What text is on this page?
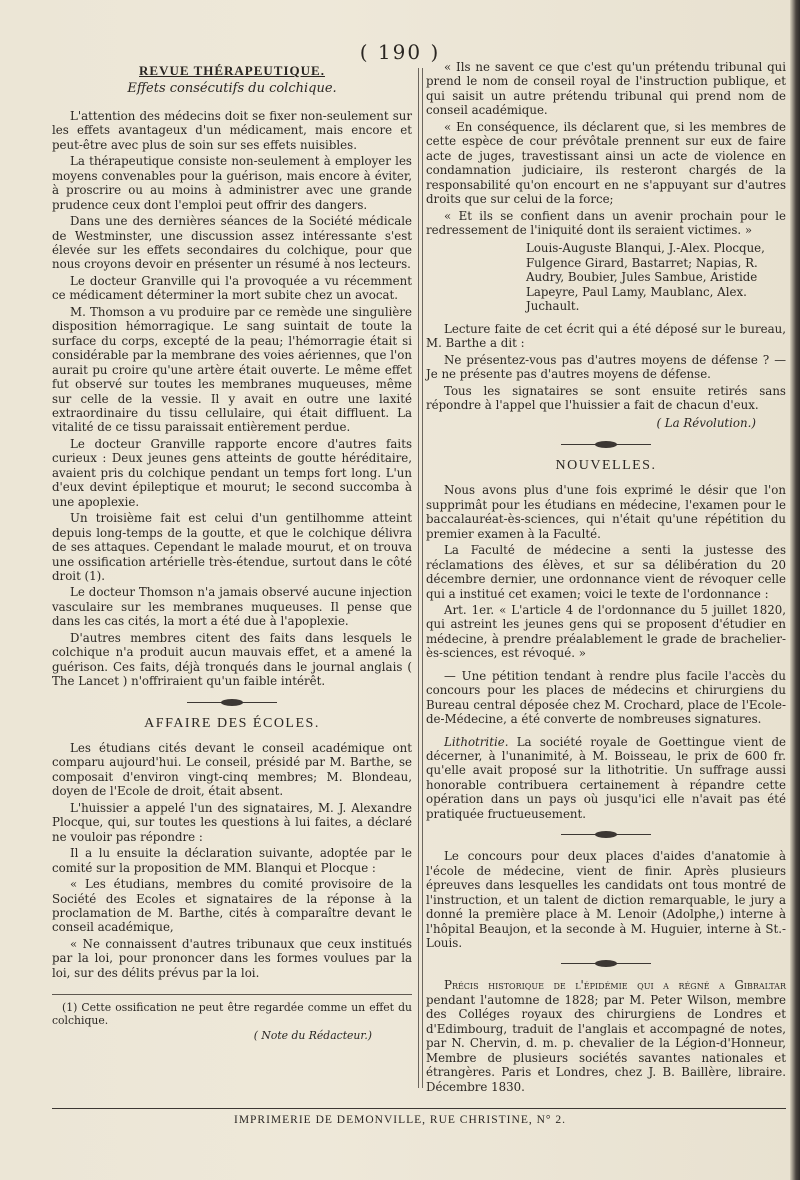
( 190 )

REVUE THÉRAPEUTIQUE.

Effets consécutifs du colchique.

L'attention des médecins doit se fixer non-seulement sur les effets avantageux d'un médicament, mais encore et peut-être avec plus de soin sur ses effets nuisibles.

La thérapeutique consiste non-seulement à employer les moyens convenables pour la guérison, mais encore à éviter, à proscrire ou au moins à administrer avec une grande prudence ceux dont l'emploi peut offrir des dangers.

Dans une des dernières séances de la Société médicale de Westminster, une discussion assez intéressante s'est élevée sur les effets secondaires du colchique, pour que nous croyons devoir en présenter un résumé à nos lecteurs.

Le docteur Granville qui l'a provoquée a vu récemment ce médicament déterminer la mort subite chez un avocat.

M. Thomson a vu produire par ce remède une singulière disposition hémorragique. Le sang suintait de toute la surface du corps, excepté de la peau; l'hémorragie était si considérable par la membrane des voies aériennes, que l'on aurait pu croire qu'une artère était ouverte. Le même effet fut observé sur toutes les membranes muqueuses, même sur celle de la vessie. Il y avait en outre une laxité extraordinaire du tissu cellulaire, qui était diffluent. La vitalité de ce tissu paraissait entièrement perdue.

Le docteur Granville rapporte encore d'autres faits curieux : Deux jeunes gens atteints de goutte héréditaire, avaient pris du colchique pendant un temps fort long. L'un d'eux devint épileptique et mourut; le second succomba à une apoplexie.

Un troisième fait est celui d'un gentilhomme atteint depuis long-temps de la goutte, et que le colchique délivra de ses attaques. Cependant le malade mourut, et on trouva une ossification artérielle très-étendue, surtout dans le côté droit (1).

Le docteur Thomson n'a jamais observé aucune injection vasculaire sur les membranes muqueuses. Il pense que dans les cas cités, la mort a été due à l'apoplexie.

D'autres membres citent des faits dans lesquels le colchique n'a produit aucun mauvais effet, et a amené la guérison. Ces faits, déjà tronqués dans le journal anglais ( The Lancet ) n'offriraient qu'un faible intérêt.

AFFAIRE DES ÉCOLES.

Les étudians cités devant le conseil académique ont comparu aujourd'hui. Le conseil, présidé par M. Barthe, se composait d'environ vingt-cinq membres; M. Blondeau, doyen de l'Ecole de droit, était absent.

L'huissier a appelé l'un des signataires, M. J. Alexandre Plocque, qui, sur toutes les questions à lui faites, a déclaré ne vouloir pas répondre :

Il a lu ensuite la déclaration suivante, adoptée par le comité sur la proposition de MM. Blanqui et Plocque :

« Les étudians, membres du comité provisoire de la Société des Ecoles et signataires de la réponse à la proclamation de M. Barthe, cités à comparaître devant le conseil académique,

« Ne connaissent d'autres tribunaux que ceux institués par la loi, pour prononcer dans les formes voulues par la loi, sur des délits prévus par la loi.

(1) Cette ossification ne peut être regardée comme un effet du colchique.

( Note du Rédacteur.)

« Ils ne savent ce que c'est qu'un prétendu tribunal qui prend le nom de conseil royal de l'instruction publique, et qui saisit un autre prétendu tribunal qui prend nom de conseil académique.

« En conséquence, ils déclarent que, si les membres de cette espèce de cour prévôtale prennent sur eux de faire acte de juges, travestissant ainsi un acte de violence en condamnation judiciaire, ils resteront chargés de la responsabilité qu'on encourt en ne s'appuyant sur d'autres droits que sur celui de la force;

« Et ils se confient dans un avenir prochain pour le redressement de l'iniquité dont ils seraient victimes. »

Louis-Auguste Blanqui, J.-Alex. Plocque, Fulgence Girard, Bastarret; Napias, R. Audry, Boubier, Jules Sambue, Aristide Lapeyre, Paul Lamy, Maublanc, Alex. Juchault.

Lecture faite de cet écrit qui a été déposé sur le bureau, M. Barthe a dit :

Ne présentez-vous pas d'autres moyens de défense ? — Je ne présente pas d'autres moyens de défense.

Tous les signataires se sont ensuite retirés sans répondre à l'appel que l'huissier a fait de chacun d'eux.

( La Révolution.)

NOUVELLES.

Nous avons plus d'une fois exprimé le désir que l'on supprimât pour les étudians en médecine, l'examen pour le baccalauréat-ès-sciences, qui n'était qu'une répétition du premier examen à la Faculté.

La Faculté de médecine a senti la justesse des réclamations des élèves, et sur sa délibération du 20 décembre dernier, une ordonnance vient de révoquer celle qui a institué cet examen; voici le texte de l'ordonnance :

Art. 1er. « L'article 4 de l'ordonnance du 5 juillet 1820, qui astreint les jeunes gens qui se proposent d'étudier en médecine, à prendre préalablement le grade de brachelier-ès-sciences, est révoqué. »

— Une pétition tendant à rendre plus facile l'accès du concours pour les places de médecins et chirurgiens du Bureau central déposée chez M. Crochard, place de l'Ecole-de-Médecine, a été converte de nombreuses signatures.

Lithotritie. La société royale de Goettingue vient de décerner, à l'unanimité, à M. Boisseau, le prix de 600 fr. qu'elle avait proposé sur la lithotritie. Un suffrage aussi honorable contribuera certainement à répandre cette opération dans un pays où jusqu'ici elle n'avait pas été pratiquée fructueusement.

Le concours pour deux places d'aides d'anatomie à l'école de médecine, vient de finir. Après plusieurs épreuves dans lesquelles les candidats ont tous montré de l'instruction, et un talent de diction remarquable, le jury a donné la première place à M. Lenoir (Adolphe,) interne à l'hôpital Beaujon, et la seconde à M. Huguier, interne à St.-Louis.

Précis historique de l'épidémie qui a régné a Gibraltar pendant l'automne de 1828; par M. Peter Wilson, membre des Colléges royaux des chirurgiens de Londres et d'Edimbourg, traduit de l'anglais et accompagné de notes, par N. Chervin, d. m. p. chevalier de la Légion-d'Honneur, Membre de plusieurs sociétés savantes nationales et étrangères. Paris et Londres, chez J. B. Baillère, libraire. Décembre 1830.

IMPRIMERIE DE DEMONVILLE, RUE CHRISTINE, N° 2.
